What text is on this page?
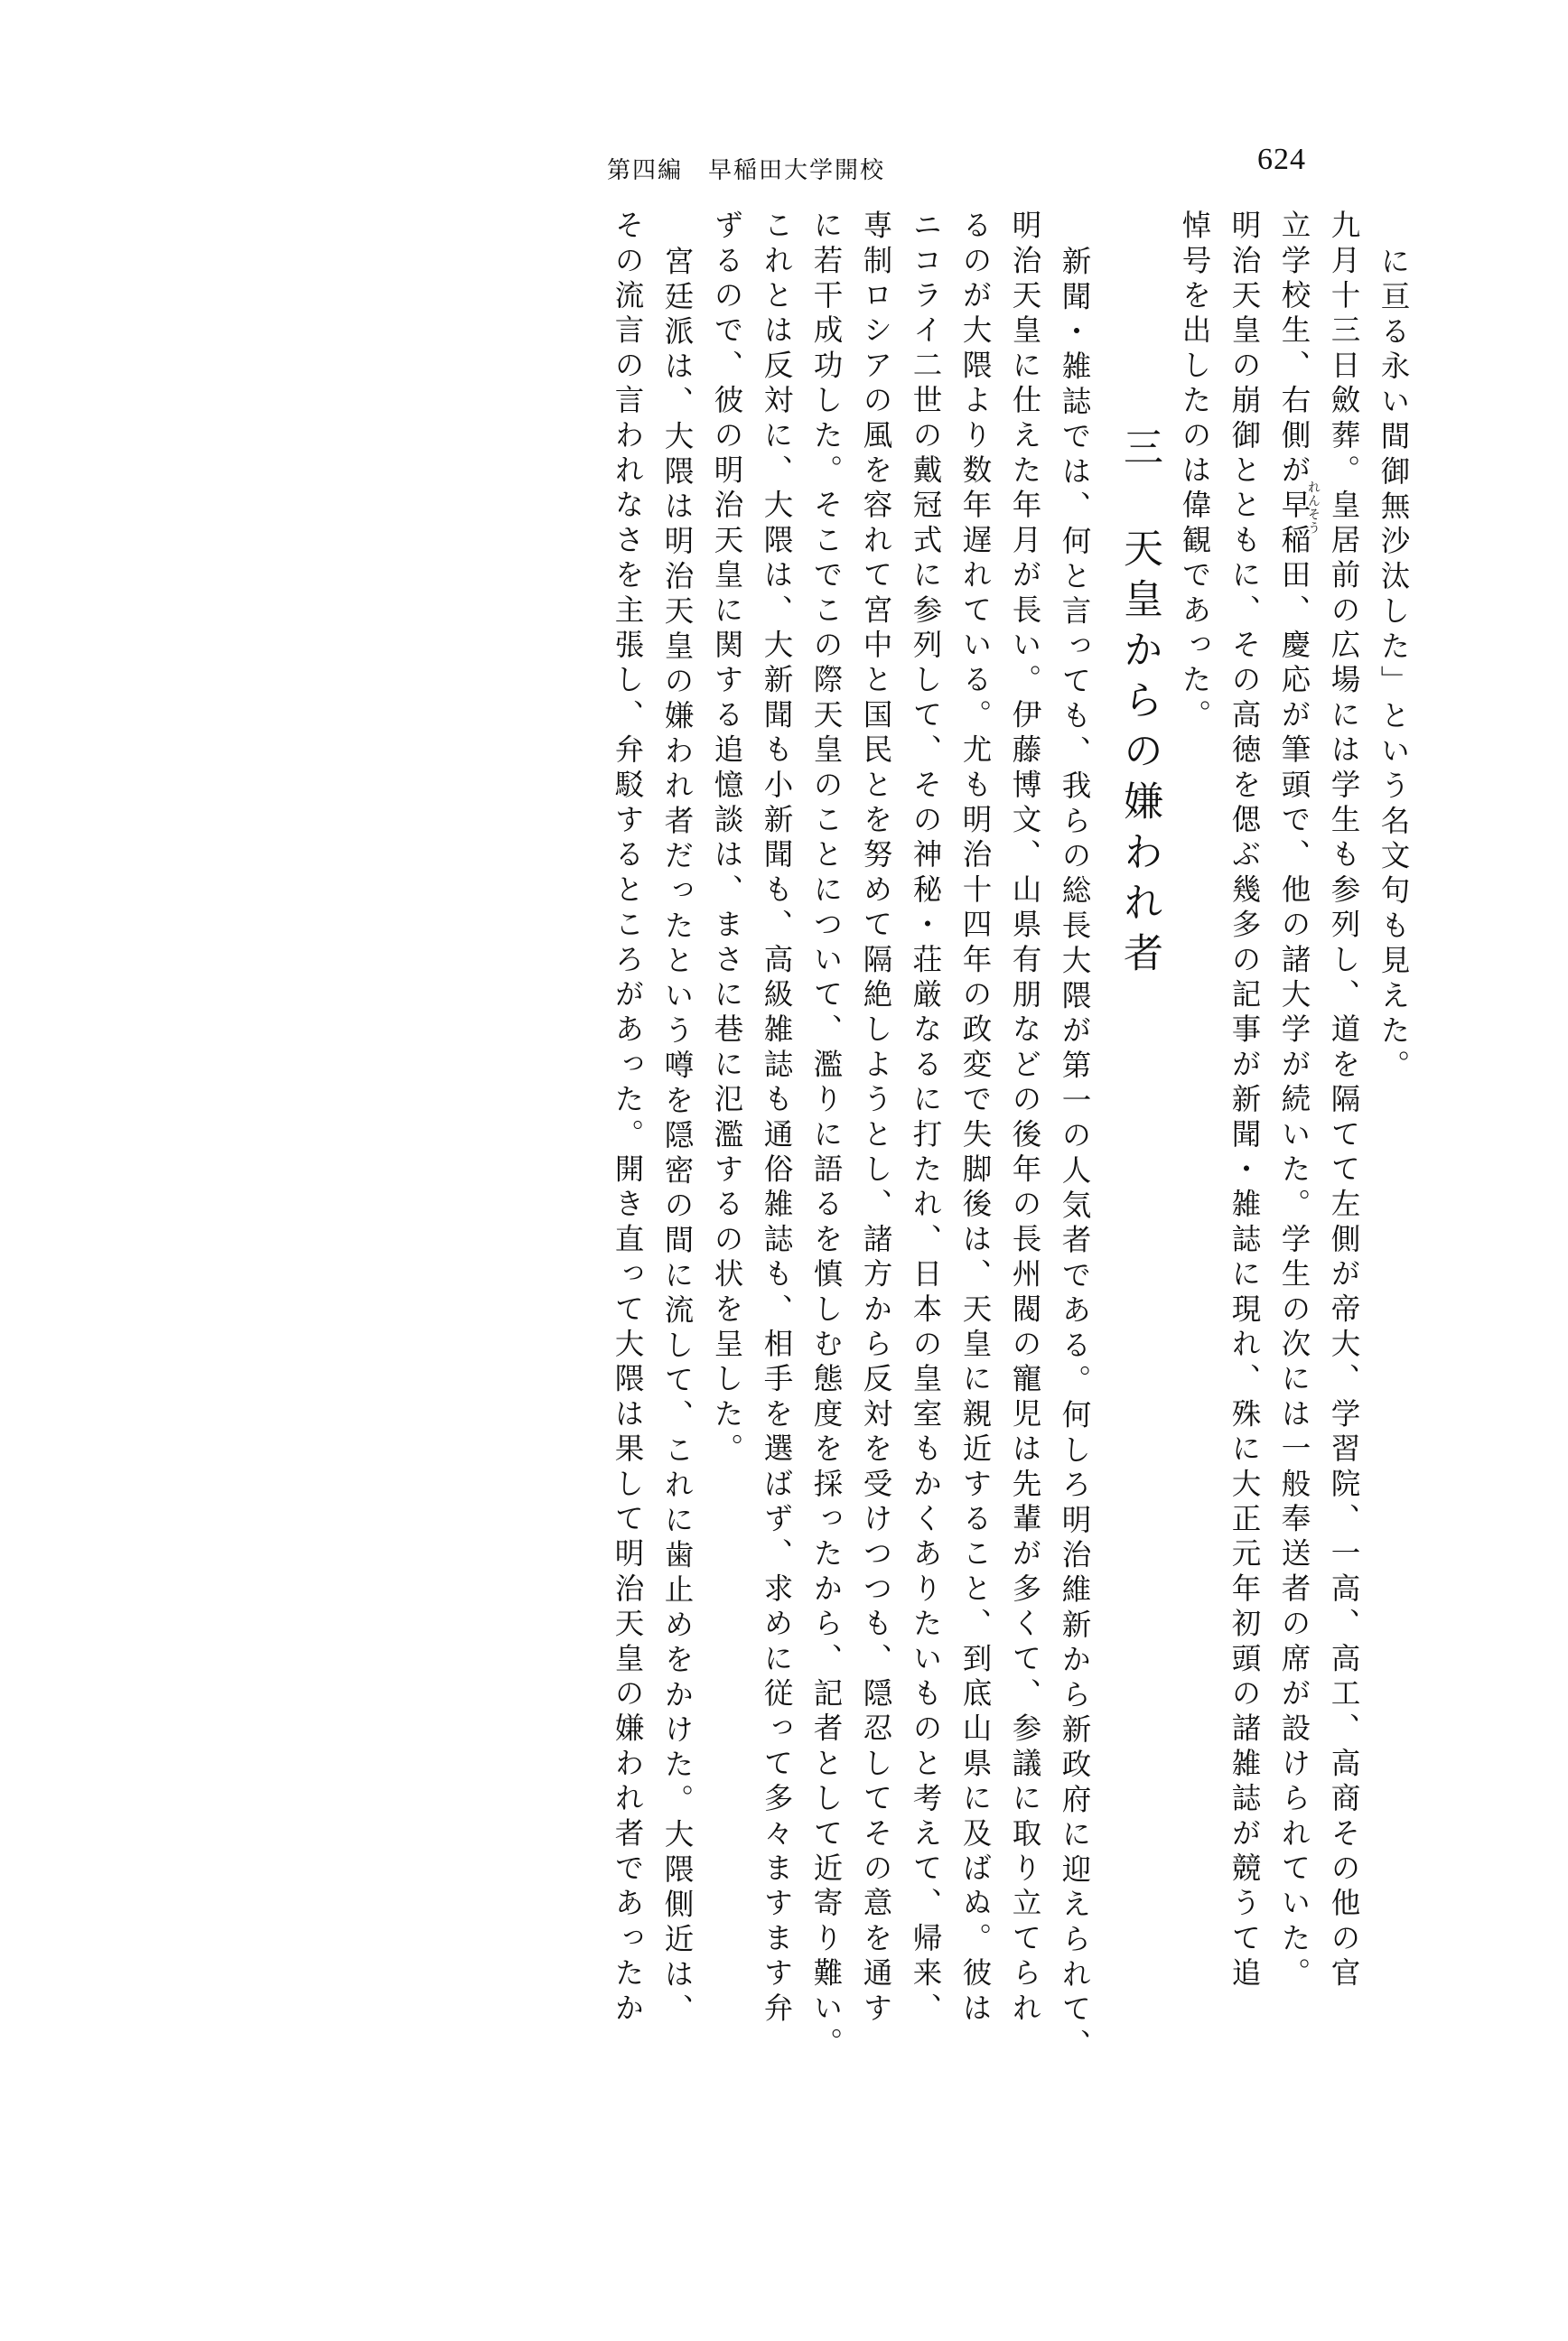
第四編　早稲田大学開校	624
に亘る永い間御無沙汰した」という名文句も見えた。
九月十三日斂葬。皇居前の広場には学生も参列し、道を隔てて左側が帝大、学習院、一高、高工、高商その他の官
れんそう
立学校生、右側が早稲田、慶応が筆頭で、他の諸大学が続いた。学生の次には一般奉送者の席が設けられていた。
明治天皇の崩御とともに、その高徳を偲ぶ幾多の記事が新聞・雑誌に現れ、殊に大正元年初頭の諸雑誌が競うて追
悼号を出したのは偉観であった。
三　天皇からの嫌われ者
新聞・雑誌では、何と言っても、我らの総長大隈が第一の人気者である。何しろ明治維新から新政府に迎えられて、
明治天皇に仕えた年月が長い。伊藤博文、山県有朋などの後年の長州閥の寵児は先輩が多くて、参議に取り立てられ
るのが大隈より数年遅れている。尤も明治十四年の政変で失脚後は、天皇に親近すること、到底山県に及ばぬ。彼は
ニコライ二世の戴冠式に参列して、その神秘・荘厳なるに打たれ、日本の皇室もかくありたいものと考えて、帰来、
専制ロシアの風を容れて宮中と国民とを努めて隔絶しようとし、諸方から反対を受けつつも、隠忍してその意を通す
に若干成功した。そこでこの際天皇のことについて、濫りに語るを慎しむ態度を採ったから、記者として近寄り難い。
これとは反対に、大隈は、大新聞も小新聞も、高級雑誌も通俗雑誌も、相手を選ばず、求めに従って多々ますます弁
ずるので、彼の明治天皇に関する追憶談は、まさに巷に氾濫するの状を呈した。
宮廷派は、大隈は明治天皇の嫌われ者だったという噂を隠密の間に流して、これに歯止めをかけた。大隈側近は、
その流言の言われなさを主張し、弁駁するところがあった。開き直って大隈は果して明治天皇の嫌われ者であったか
